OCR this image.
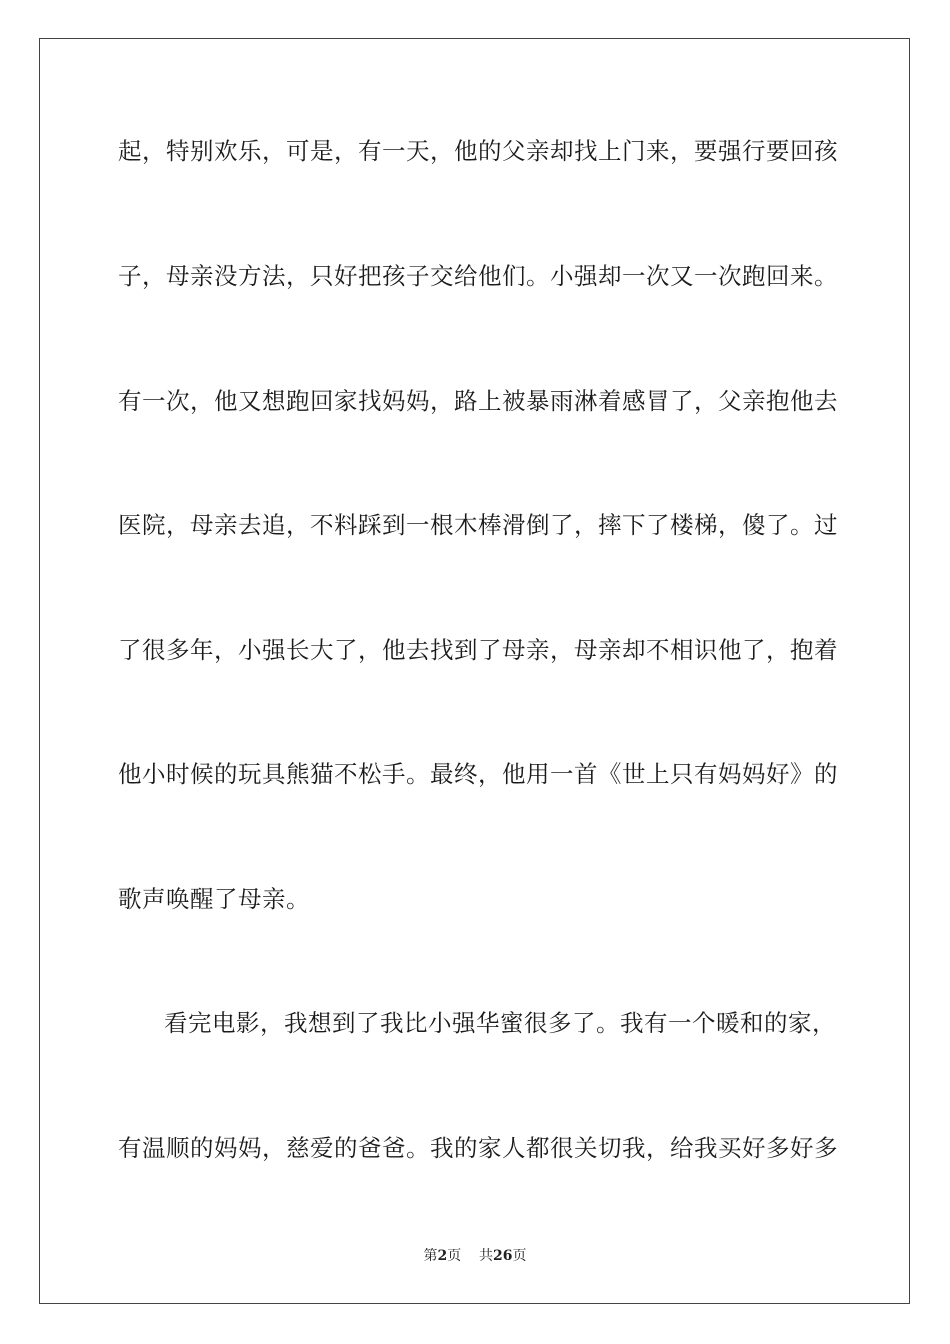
起，特别欢乐，可是，有一天，他的父亲却找上门来，要强行要回孩
子，母亲没方法，只好把孩子交给他们。小强却一次又一次跑回来。
有一次，他又想跑回家找妈妈，路上被暴雨淋着感冒了，父亲抱他去
医院，母亲去追，不料踩到一根木棒滑倒了，摔下了楼梯，傻了。过
了很多年，小强长大了，他去找到了母亲，母亲却不相识他了，抱着
他小时候的玩具熊猫不松手。最终，他用一首《世上只有妈妈好》的
歌声唤醒了母亲。
看完电影，我想到了我比小强华蜜很多了。我有一个暖和的家，
有温顺的妈妈，慈爱的爸爸。我的家人都很关切我，给我买好多好多
第2页 共26页
